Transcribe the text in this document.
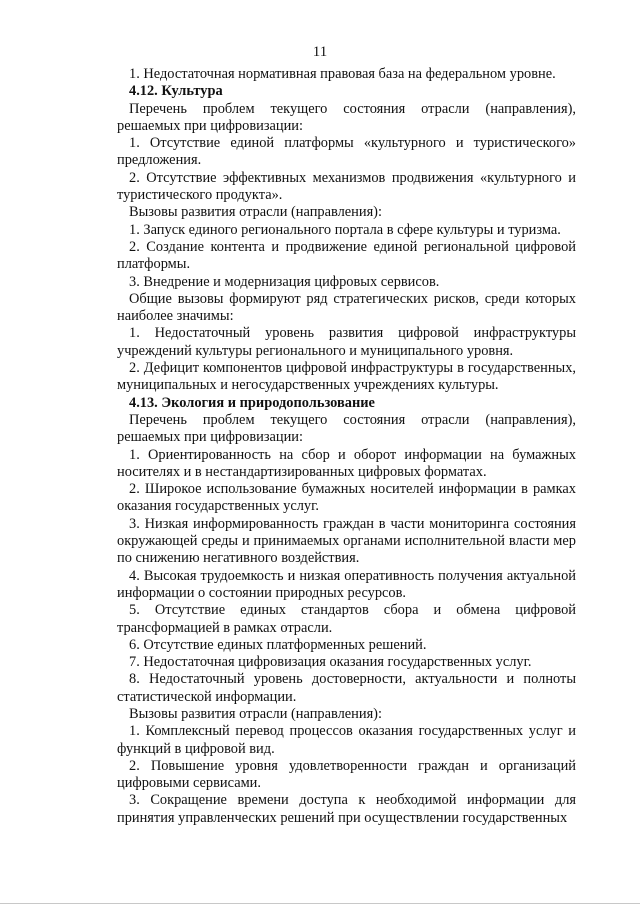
11

1. Недостаточная нормативная правовая база на федеральном уровне.

4.12. Культура

Перечень проблем текущего состояния отрасли (направления), решаемых при цифровизации:

1. Отсутствие единой платформы «культурного и туристического» предложения.

2. Отсутствие эффективных механизмов продвижения «культурного и туристического продукта».

Вызовы развития отрасли (направления):

1. Запуск единого регионального портала в сфере культуры и туризма.

2. Создание контента и продвижение единой региональной цифровой платформы.

3. Внедрение и модернизация цифровых сервисов.

Общие вызовы формируют ряд стратегических рисков, среди которых наиболее значимы:

1. Недостаточный уровень развития цифровой инфраструктуры учреждений культуры регионального и муниципального уровня.

2. Дефицит компонентов цифровой инфраструктуры в государственных, муниципальных и негосударственных учреждениях культуры.

4.13. Экология и природопользование

Перечень проблем текущего состояния отрасли (направления), решаемых при цифровизации:

1. Ориентированность на сбор и оборот информации на бумажных носителях и в нестандартизированных цифровых форматах.

2. Широкое использование бумажных носителей информации в рамках оказания государственных услуг.

3. Низкая информированность граждан в части мониторинга состояния окружающей среды и принимаемых органами исполнительной власти мер по снижению негативного воздействия.

4. Высокая трудоемкость и низкая оперативность получения актуальной информации о состоянии природных ресурсов.

5. Отсутствие единых стандартов сбора и обмена цифровой трансформацией в рамках отрасли.

6. Отсутствие единых платформенных решений.

7. Недостаточная цифровизация оказания государственных услуг.

8. Недостаточный уровень достоверности, актуальности и полноты статистической информации.

Вызовы развития отрасли (направления):

1. Комплексный перевод процессов оказания государственных услуг и функций в цифровой вид.

2. Повышение уровня удовлетворенности граждан и организаций цифровыми сервисами.

3. Сокращение времени доступа к необходимой информации для принятия управленческих решений при осуществлении государственных
